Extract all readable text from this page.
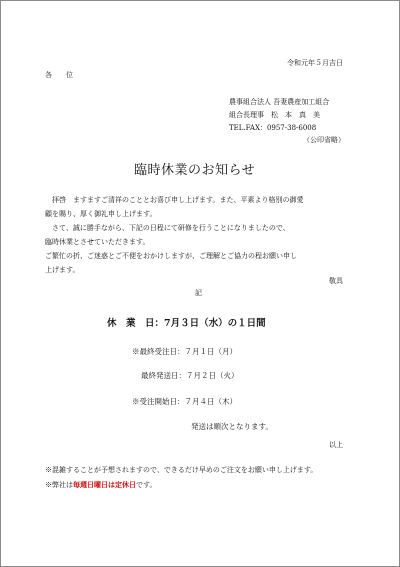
令和元年５月吉日
各　　位
農事組合法人 吾妻農産加工組合
組合長理事　松　本　真　美
TEL.FAX：0957-38-6008
（公印省略）
臨時休業のお知らせ
　拝啓　ますますご清祥のこととお喜び申し上げます。また、平素より格別の御愛
顧を賜り、厚く御礼申し上げます。
　さて、誠に勝手ながら、下記の日程にて研修を行うことになりましたので、
臨時休業とさせていただきます。
ご繁忙の折、ご迷惑とご不便をおかけしますが、ご理解とご協力の程お願い申し
上げます。
敬具
記
休　業　日：7月３日（水）の１日間
※最終受注日：７月１日（月）
最終発送日：７月２日（火）
※受注開始日：７月４日（木）
発送は順次となります。
以上
※混雑することが予想されますので、できるだけ早めのご注文をお願い申し上げます。
※弊社は毎週日曜日は定休日です。
